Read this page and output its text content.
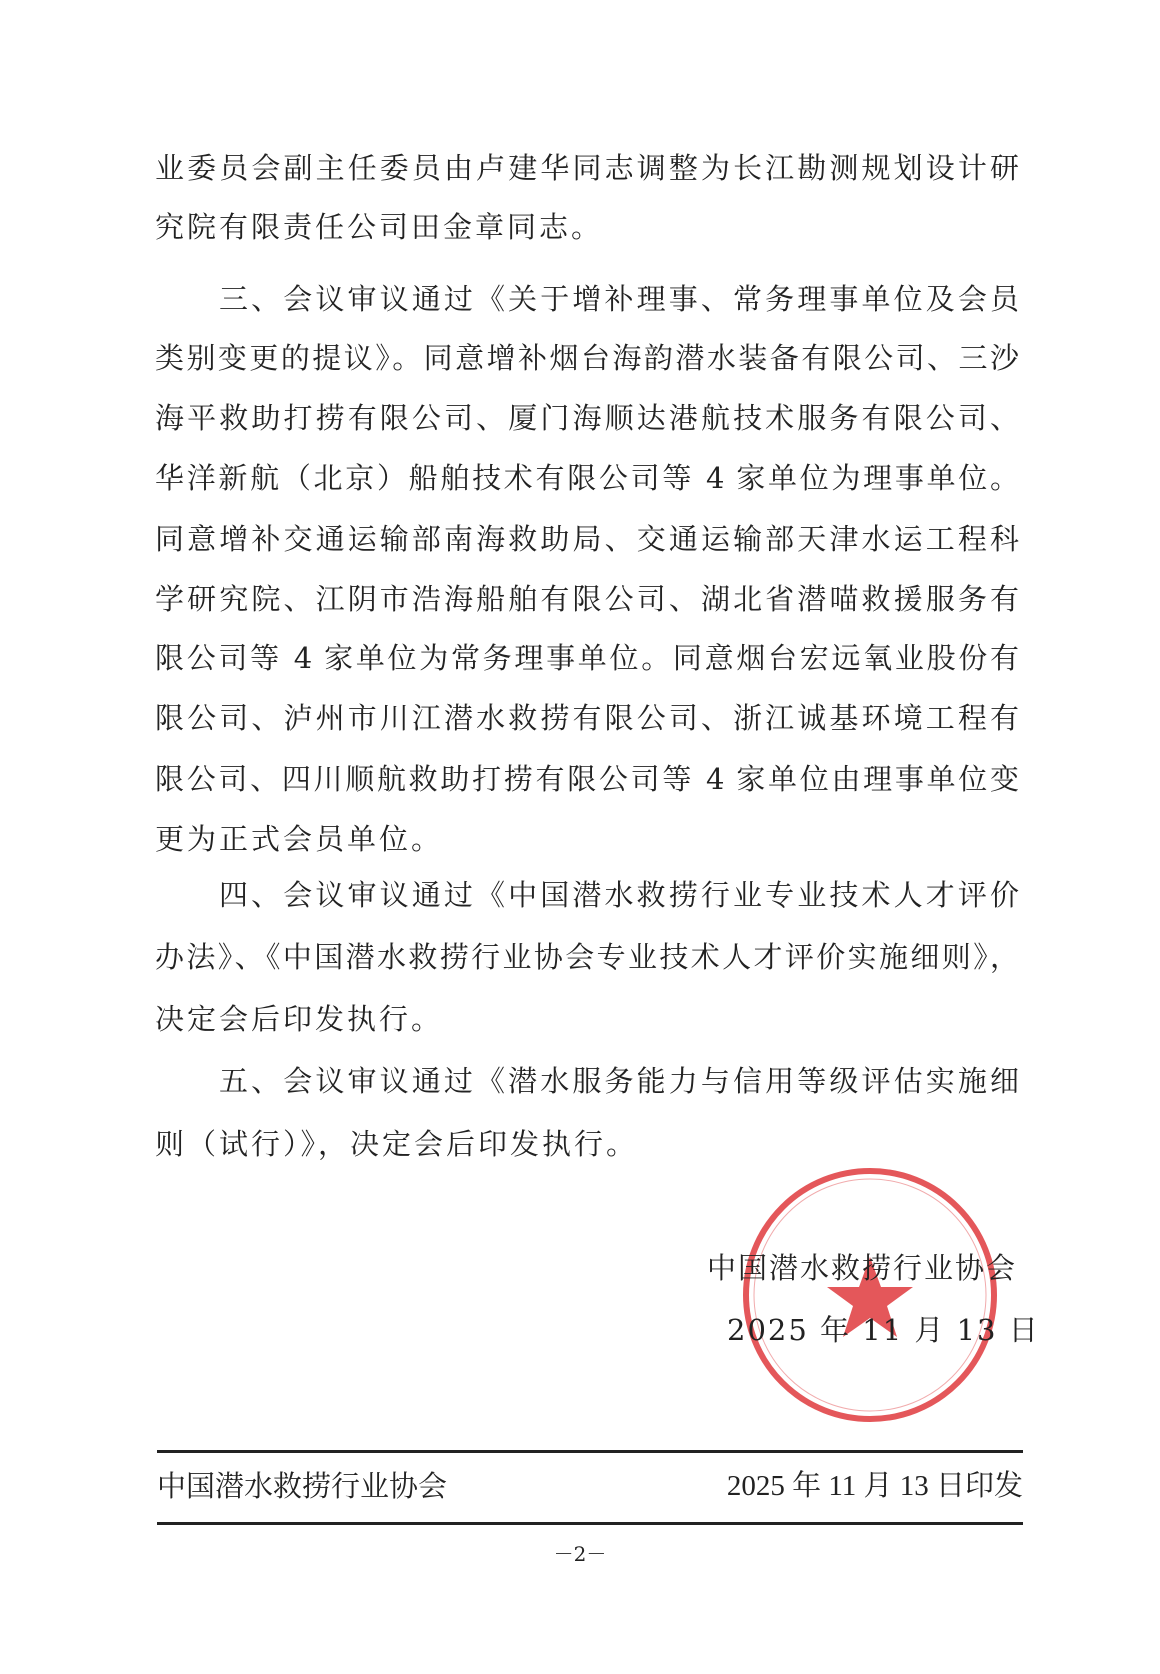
业委员会副主任委员由卢建华同志调整为长江勘测规划设计研
究院有限责任公司田金章同志。
三、会议审议通过《关于增补理事、常务理事单位及会员
类别变更的提议》。同意增补烟台海韵潜水装备有限公司、三沙
海平救助打捞有限公司、厦门海顺达港航技术服务有限公司、
华洋新航（北京）船舶技术有限公司等 4 家单位为理事单位。
同意增补交通运输部南海救助局、交通运输部天津水运工程科
学研究院、江阴市浩海船舶有限公司、湖北省潜喵救援服务有
限公司等 4 家单位为常务理事单位。同意烟台宏远氧业股份有
限公司、泸州市川江潜水救捞有限公司、浙江诚基环境工程有
限公司、四川顺航救助打捞有限公司等 4 家单位由理事单位变
更为正式会员单位。
四、会议审议通过《中国潜水救捞行业专业技术人才评价
办法》、《中国潜水救捞行业协会专业技术人才评价实施细则》，
决定会后印发执行。
五、会议审议通过《潜水服务能力与信用等级评估实施细
则（试行）》，决定会后印发执行。
中国潜水救捞行业协会
2025 年 11 月 13 日
中国潜水救捞行业协会	2025 年 11 月 13 日印发
－2－
